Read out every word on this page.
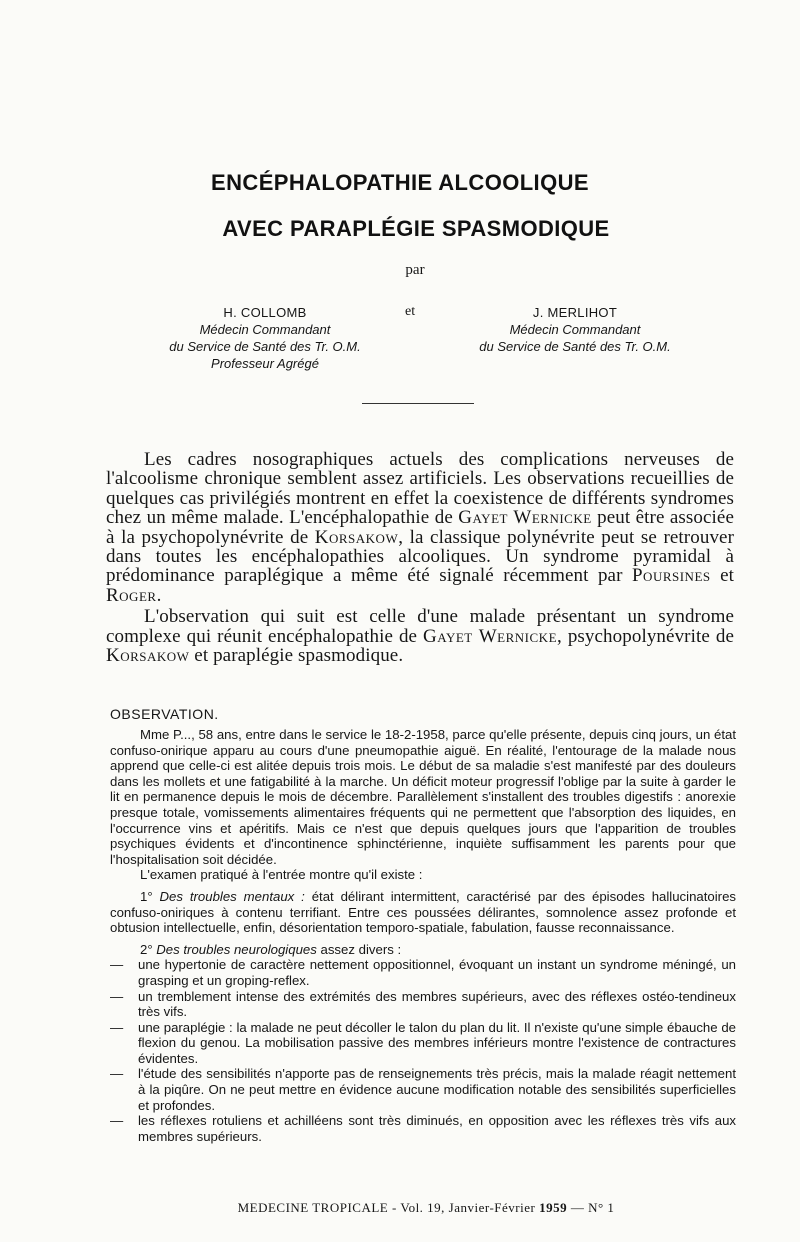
ENCÉPHALOPATHIE ALCOOLIQUE
AVEC PARAPLÉGIE SPASMODIQUE
par
H. COLLOMB
Médecin Commandant
du Service de Santé des Tr. O.M.
Professeur Agrégé
et	J. MERLIHOT
Médecin Commandant
du Service de Santé des Tr. O.M.

Les cadres nosographiques actuels des complications nerveuses de l'alcoolisme chronique semblent assez artificiels. Les observations recueillies de quelques cas privilégiés montrent en effet la coexistence de différents syndromes chez un même malade. L'encéphalopathie de Gayet Wernicke peut être associée à la psychopolynévrite de Korsakow, la classique polynévrite peut se retrouver dans toutes les encéphalopathies alcooliques. Un syndrome pyramidal à prédominance paraplégique a même été signalé récemment par Poursines et Roger.

L'observation qui suit est celle d'une malade présentant un syndrome complexe qui réunit encéphalopathie de Gayet Wernicke, psychopolynévrite de Korsakow et paraplégie spasmodique.

OBSERVATION.

Mme P..., 58 ans, entre dans le service le 18-2-1958, parce qu'elle présente, depuis cinq jours, un état confuso-onirique apparu au cours d'une pneumopathie aiguë. En réalité, l'entourage de la malade nous apprend que celle-ci est alitée depuis trois mois. Le début de sa maladie s'est manifesté par des douleurs dans les mollets et une fatigabilité à la marche. Un déficit moteur progressif l'oblige par la suite à garder le lit en permanence depuis le mois de décembre. Parallèlement s'installent des troubles digestifs : anorexie presque totale, vomissements alimentaires fréquents qui ne permettent que l'absorption des liquides, en l'occurrence vins et apéritifs. Mais ce n'est que depuis quelques jours que l'apparition de troubles psychiques évidents et d'incontinence sphinctérienne, inquiète suffisamment les parents pour que l'hospitalisation soit décidée.

L'examen pratiqué à l'entrée montre qu'il existe :

1° Des troubles mentaux : état délirant intermittent, caractérisé par des épisodes hallucinatoires confuso-oniriques à contenu terrifiant. Entre ces poussées délirantes, somnolence assez profonde et obtusion intellectuelle, enfin, désorientation temporo-spatiale, fabulation, fausse reconnaissance.

2° Des troubles neurologiques assez divers :

—	une hypertonie de caractère nettement oppositionnel, évoquant un instant un syndrome méningé, un grasping et un groping-reflex.
—	un tremblement intense des extrémités des membres supérieurs, avec des réflexes ostéo-tendineux très vifs.
—	une paraplégie : la malade ne peut décoller le talon du plan du lit. Il n'existe qu'une simple ébauche de flexion du genou. La mobilisation passive des membres inférieurs montre l'existence de contractures évidentes.
—	l'étude des sensibilités n'apporte pas de renseignements très précis, mais la malade réagit nettement à la piqûre. On ne peut mettre en évidence aucune modification notable des sensibilités superficielles et profondes.
—	les réflexes rotuliens et achilléens sont très diminués, en opposition avec les réflexes très vifs aux membres supérieurs.
MEDECINE TROPICALE - Vol. 19, Janvier-Février 1959 — N° 1
